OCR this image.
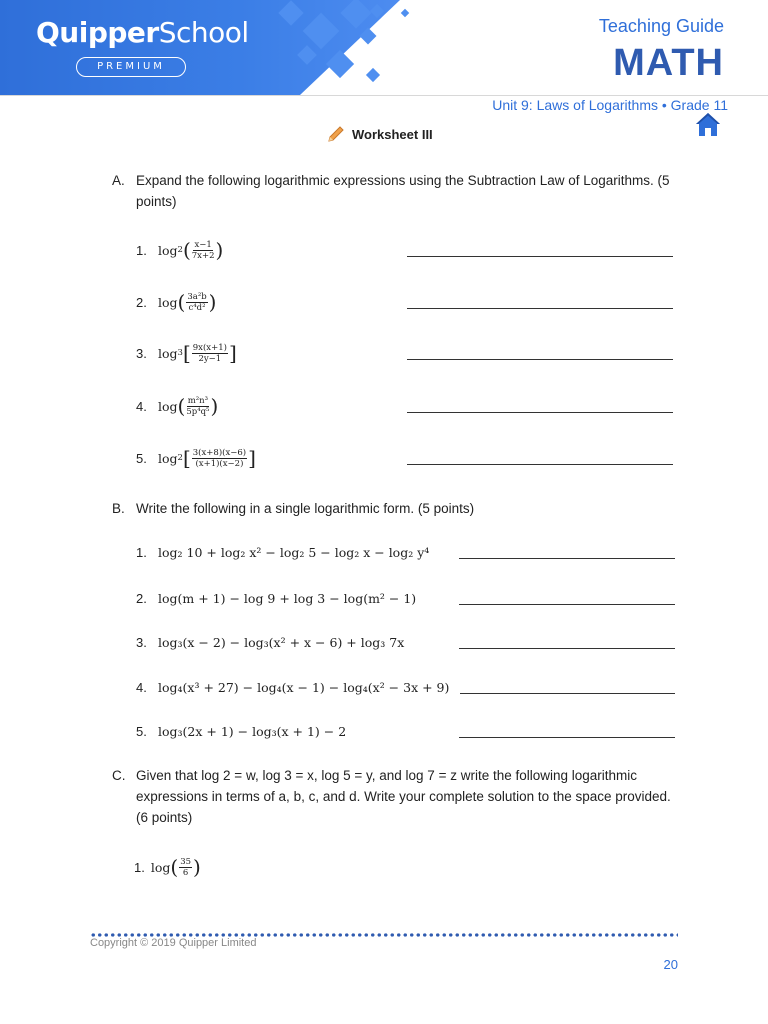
QuipperSchool
PREMIUM
Teaching Guide
MATH
Unit 9: Laws of Logarithms • Grade 11
Worksheet III
A. Expand the following logarithmic expressions using the Subtraction Law of Logarithms. (5 points)
1. log 2 ( $\frac{x-1}{7x+2}$ )
2. log ( $\frac{\text{3a²b}}{\text{c⁴d²}}$ )
3. log 3 [ $\frac{9x(x+1)}{2y-1}$ ]
4. log ( $\frac{\text{m²n³}}{\text{5p⁴q⁵}}$ )
5. log 2 [ $\frac{3(x+8)(x-6)}{(x+1)(x-2)}$ ]
B. Write the following in a single logarithmic form. (5 points)
1. log₂ 10 + log₂ x² − log₂ 5 − log₂ x − log₂ y⁴
2. log(m + 1) − log 9 + log 3 − log(m² − 1)
3. log₃(x − 2) − log₃(x² + x − 6) + log₃ 7x
4. log₄(x³ + 27) − log₄(x − 1) − log₄(x² − 3x + 9)
5. log₃(2x + 1) − log₃(x + 1) − 2
C. Given that log 2 = w, log 3 = x, log 5 = y, and log 7 = z write the following logarithmic expressions in terms of a, b, c, and d. Write your complete solution to the space provided. (6 points)
1. log ( $\frac{35}{6}$ )
Copyright © 2019 Quipper Limited
20
